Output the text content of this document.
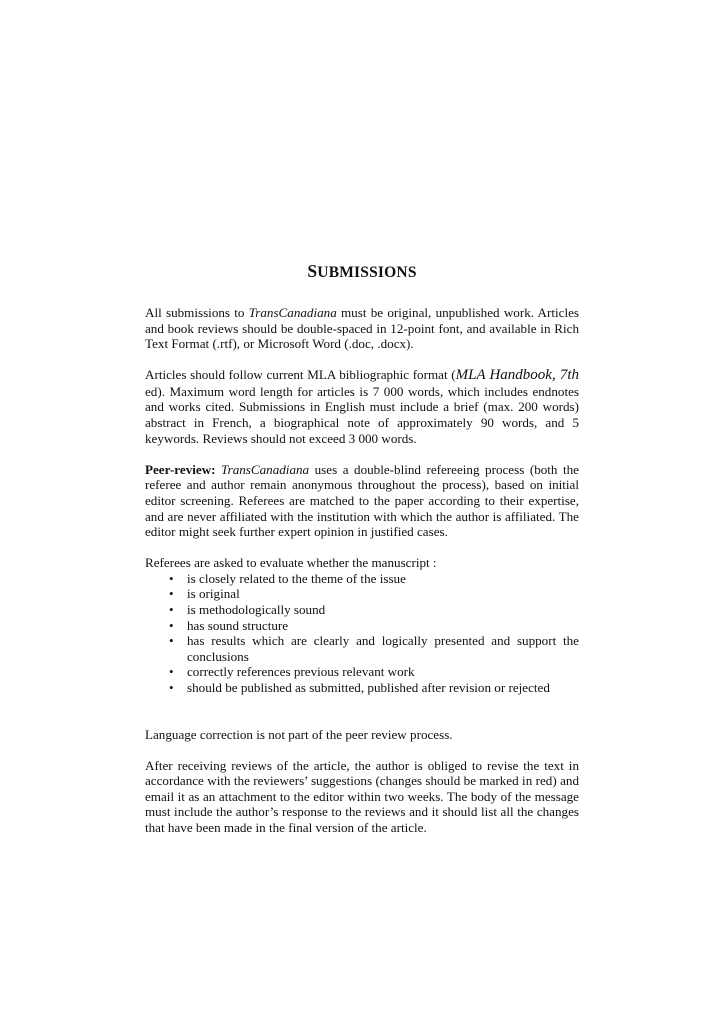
SUBMISSIONS

All submissions to TransCanadiana must be original, unpublished work. Articles and book reviews should be double-spaced in 12-point font, and available in Rich Text Format (.rtf), or Microsoft Word (.doc, .docx).

Articles should follow current MLA bibliographic format (MLA Handbook, 7th ed). Maximum word length for articles is 7 000 words, which includes endnotes and works cited. Submissions in English must include a brief (max. 200 words) abstract in French, a biographical note of approximately 90 words, and 5 keywords. Reviews should not exceed 3 000 words.

Peer-review: TransCanadiana uses a double-blind refereeing process (both the referee and author remain anonymous throughout the process), based on initial editor screening. Referees are matched to the paper according to their expertise, and are never affiliated with the institution with which the author is affiliated. The editor might seek further expert opinion in justified cases.

Referees are asked to evaluate whether the manuscript :

• is closely related to the theme of the issue
• is original
• is methodologically sound
• has sound structure
• has results which are clearly and logically presented and support the conclusions
• correctly references previous relevant work
• should be published as submitted, published after revision or rejected

Language correction is not part of the peer review process.

After receiving reviews of the article, the author is obliged to revise the text in accordance with the reviewers’ suggestions (changes should be marked in red) and email it as an attachment to the editor within two weeks. The body of the message must include the author’s response to the reviews and it should list all the changes that have been made in the final version of the article.
